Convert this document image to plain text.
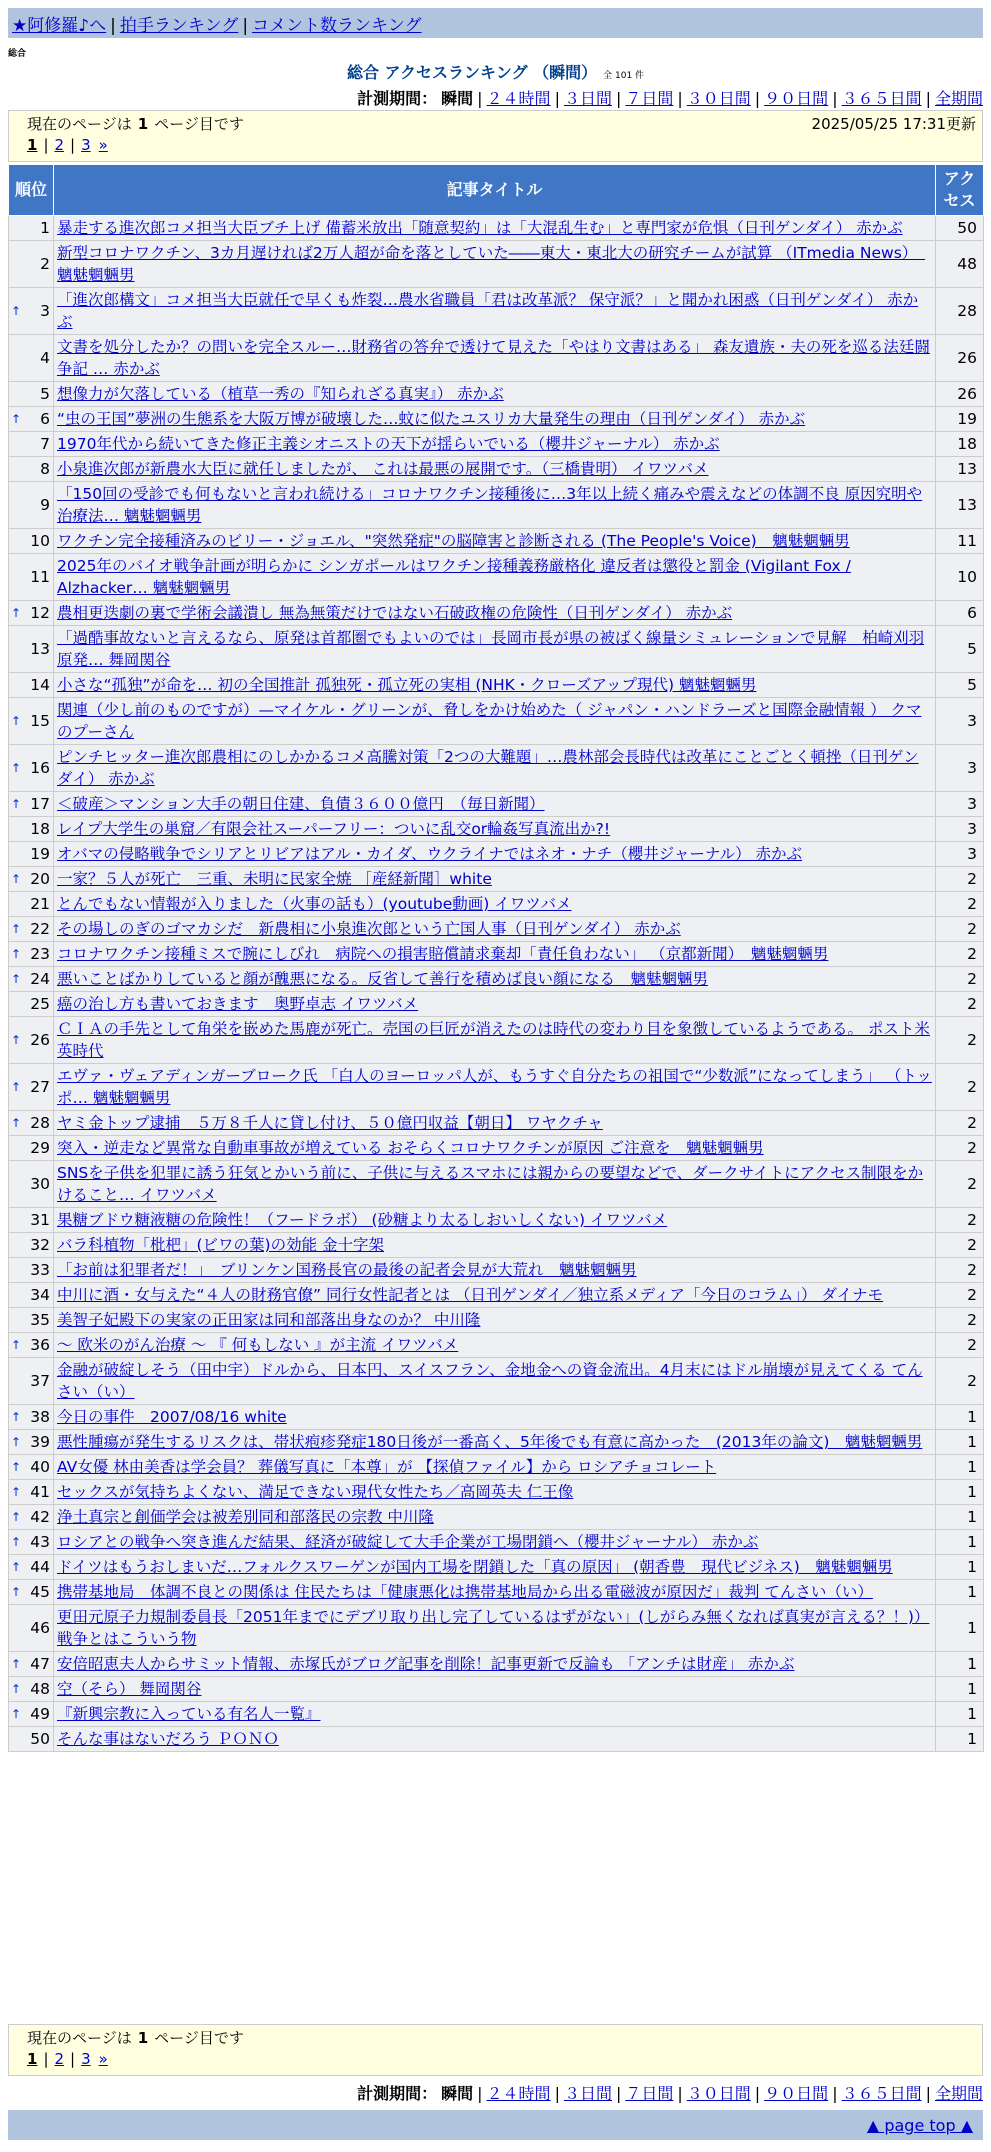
★阿修羅♪へ | 拍手ランキング | コメント数ランキング
総合
総合 アクセスランキング （瞬間） 全 101 件
計測期間： 瞬間 | ２４時間 | ３日間 | ７日間 | ３０日間 | ９０日間 | ３６５日間 | 全期間
現在のページは 1 ページ目です
1 | 2 | 3 »
2025/05/25 17:31更新
順位	記事タイトル	アクセス
1	暴走する進次郎コメ担当大臣ブチ上げ 備蓄米放出「随意契約」は「大混乱生む」と専門家が危惧（日刊ゲンダイ） 赤かぶ	50
2	新型コロナワクチン、3カ月遅ければ2万人超が命を落としていた――東大・東北大の研究チームが試算 （ITmedia News）　魑魅魍魎男	48

↑ 3	「進次郎構文」コメ担当大臣就任で早くも炸裂…農水省職員「君は改革派？ 保守派？」と聞かれ困惑（日刊ゲンダイ） 赤かぶ	28
4	文書を処分したか？の問いを完全スルー…財務省の答弁で透けて見えた「やはり文書はある」 森友遺族・夫の死を巡る法廷闘争記 … 赤かぶ	26
5	想像力が欠落している（植草一秀の『知られざる真実』） 赤かぶ	26

↑ 6	“虫の王国”夢洲の生態系を大阪万博が破壊した…蚊に似たユスリカ大量発生の理由（日刊ゲンダイ） 赤かぶ	19
7	1970年代から続いてきた修正主義シオニストの天下が揺らいでいる（櫻井ジャーナル） 赤かぶ	18
8	小泉進次郎が新農水大臣に就任しましたが、 これは最悪の展開です。（三橋貴明） イワツバメ	13
9	「150回の受診でも何もないと言われ続ける」コロナワクチン接種後に…3年以上続く痛みや震えなどの体調不良 原因究明や治療法… 魑魅魍魎男	13
10	ワクチン完全接種済みのビリー・ジョエル、"突然発症"の脳障害と診断される (The People's Voice)　魑魅魍魎男	11
11	2025年のバイオ戦争計画が明らかに シンガポールはワクチン接種義務厳格化 違反者は懲役と罰金 (Vigilant Fox / Alzhacker… 魑魅魍魎男	10

↑ 12	農相更迭劇の裏で学術会議潰し 無為無策だけではない石破政権の危険性（日刊ゲンダイ） 赤かぶ	6
13	「過酷事故ないと言えるなら、原発は首都圏でもよいのでは」長岡市長が県の被ばく線量シミュレーションで見解　柏崎刈羽原発… 舞岡関谷	5
14	小さな“孤独”が命を… 初の全国推計 孤独死・孤立死の実相 (NHK・クローズアップ現代) 魑魅魍魎男	5

↑ 15	関連（少し前のものですが）—マイケル・グリーンが、脅しをかけ始めた（ ジャパン・ハンドラーズと国際金融情報 ） クマのプーさん	3

↑ 16	ピンチヒッター進次郎農相にのしかかるコメ高騰対策「2つの大難題」…農林部会長時代は改革にことごとく頓挫（日刊ゲンダイ） 赤かぶ	3

↑ 17	＜破産＞マンション大手の朝日住建、負債３６００億円　（毎日新聞）	3
18	レイプ大学生の巣窟／有限会社スーパーフリー：ついに乱交or輪姦写真流出か?!	3
19	オバマの侵略戦争でシリアとリビアはアル・カイダ、ウクライナではネオ・ナチ（櫻井ジャーナル） 赤かぶ	3

↑ 20	一家？５人が死亡　三重、未明に民家全焼 ［産経新聞］white	2
21	とんでもない情報が入りました（火事の話も）(youtube動画) イワツバメ	2

↑ 22	その場しのぎのゴマカシだ　新農相に小泉進次郎という亡国人事（日刊ゲンダイ） 赤かぶ	2

↑ 23	コロナワクチン接種ミスで腕にしびれ　病院への損害賠償請求棄却「責任負わない」 （京都新聞）　魑魅魍魎男	2

↑ 24	悪いことばかりしていると顔が醜悪になる。反省して善行を積めば良い顔になる　魑魅魍魎男	2
25	癌の治し方も書いておきます　奥野卓志 イワツバメ	2

↑ 26	ＣＩＡの手先として角栄を嵌めた馬鹿が死亡。売国の巨匠が消えたのは時代の変わり目を象徴しているようである。 ポスト米英時代	2

↑ 27	エヴァ・ヴェアディンガーブローク氏 「白人のヨーロッパ人が、もうすぐ自分たちの祖国で“少数派”になってしまう」 （トッポ… 魑魅魍魎男	2

↑ 28	ヤミ金トップ逮捕　５万８千人に貸し付け、５０億円収益【朝日】 ワヤクチャ	2
29	突入・逆走など異常な自動車事故が増えている おそらくコロナワクチンが原因 ご注意を　魑魅魍魎男	2
30	SNSを子供を犯罪に誘う狂気とかいう前に、子供に与えるスマホには親からの要望などで、ダークサイトにアクセス制限をかけること… イワツバメ	2
31	果糖ブドウ糖液糖の危険性！（フードラボ） (砂糖より太るしおいしくない) イワツバメ	2
32	バラ科植物「枇杷」(ビワの葉)の効能 金十字架	2
33	「お前は犯罪者だ！」　ブリンケン国務長官の最後の記者会見が大荒れ　魑魅魍魎男	2
34	中川に酒・女与えた“４人の財務官僚” 同行女性記者とは （日刊ゲンダイ／独立系メディア「今日のコラム」） ダイナモ	2
35	美智子妃殿下の実家の正田家は同和部落出身なのか？ 中川隆	2

↑ 36	～ 欧米のがん治療 ～ 『 何もしない 』が主流 イワツバメ	2
37	金融が破綻しそう（田中宇）ドルから、日本円、スイスフラン、金地金への資金流出。4月末にはドル崩壊が見えてくる てんさい（い）	2

↑ 38	今日の事件　2007/08/16 white	1

↑ 39	悪性腫瘍が発生するリスクは、帯状疱疹発症180日後が一番高く、5年後でも有意に高かった　(2013年の論文)　魑魅魍魎男	1

↑ 40	AV女優 林由美香は学会員？ 葬儀写真に「本尊」が 【探偵ファイル】から ロシアチョコレート	1

↑ 41	セックスが気持ちよくない、満足できない現代女性たち／高岡英夫 仁王像	1

↑ 42	浄土真宗と創価学会は被差別同和部落民の宗教 中川隆	1

↑ 43	ロシアとの戦争へ突き進んだ結果、経済が破綻して大手企業が工場閉鎖へ（櫻井ジャーナル） 赤かぶ	1

↑ 44	ドイツはもうおしまいだ…フォルクスワーゲンが国内工場を閉鎖した「真の原因」 (朝香豊　現代ビジネス)　魑魅魍魎男	1

↑ 45	携帯基地局　体調不良との関係は 住民たちは「健康悪化は携帯基地局から出る電磁波が原因だ」裁判 てんさい（い）	1
46	更田元原子力規制委員長「2051年までにデブリ取り出し完了しているはずがない」(しがらみ無くなれば真実が言える？！)） 戦争とはこういう物	1

↑ 47	安倍昭恵夫人からサミット情報、赤塚氏がブログ記事を削除！記事更新で反論も 「アンチは財産」 赤かぶ	1

↑ 48	空（そら） 舞岡関谷	1

↑ 49	『新興宗教に入っている有名人一覧』	1
50	そんな事はないだろう ＰＯＮＯ	1
現在のページは 1 ページ目です
1 | 2 | 3 »
計測期間： 瞬間 | ２４時間 | ３日間 | ７日間 | ３０日間 | ９０日間 | ３６５日間 | 全期間
▲ page top ▲
